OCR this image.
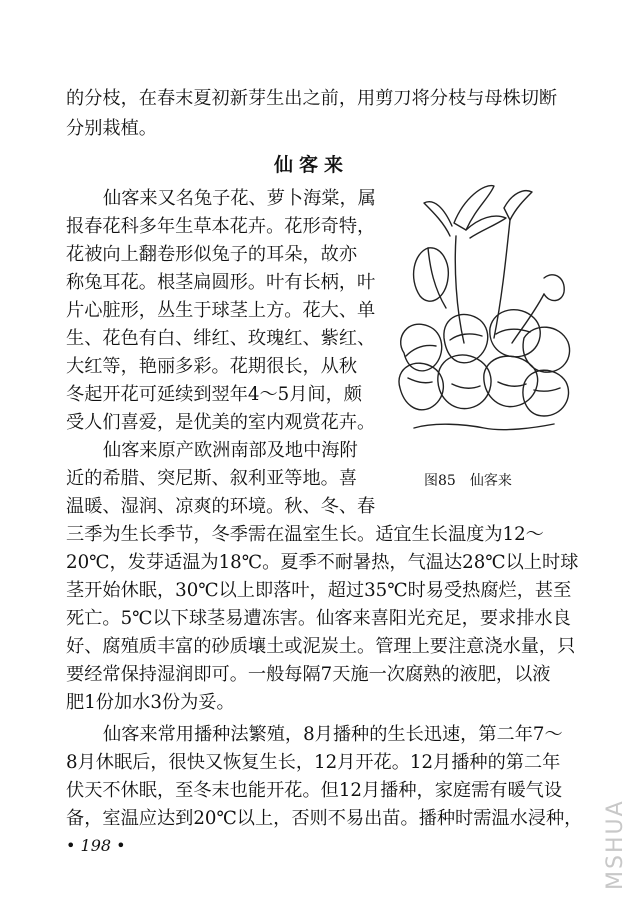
的分枝，在春末夏初新芽生出之前，用剪刀将分枝与母株切断
分别栽植。
仙客来
仙客来又名兔子花、萝卜海棠，属
报春花科多年生草本花卉。花形奇特，
花被向上翻卷形似兔子的耳朵，故亦
称兔耳花。根茎扁圆形。叶有长柄，叶
片心脏形，丛生于球茎上方。花大、单
生、花色有白、绯红、玫瑰红、紫红、
大红等，艳丽多彩。花期很长，从秋
冬起开花可延续到翌年4～5月间，颇
受人们喜爱，是优美的室内观赏花卉。
仙客来原产欧洲南部及地中海附
近的希腊、突尼斯、叙利亚等地。喜
温暖、湿润、凉爽的环境。秋、冬、春
图85　仙客来
三季为生长季节，冬季需在温室生长。适宜生长温度为12～
20℃，发芽适温为18℃。夏季不耐暑热，气温达28℃以上时球
茎开始休眠，30℃以上即落叶，超过35℃时易受热腐烂，甚至
死亡。5℃以下球茎易遭冻害。仙客来喜阳光充足，要求排水良
好、腐殖质丰富的砂质壤土或泥炭土。管理上要注意浇水量，只
要经常保持湿润即可。一般每隔7天施一次腐熟的液肥，以液
肥1份加水3份为妥。
仙客来常用播种法繁殖，8月播种的生长迅速，第二年7～
8月休眠后，很快又恢复生长，12月开花。12月播种的第二年
伏天不休眠，至冬末也能开花。但12月播种，家庭需有暖气设
备，室温应达到20℃以上，否则不易出苗。播种时需温水浸种，
• 198 •	MSHUA
